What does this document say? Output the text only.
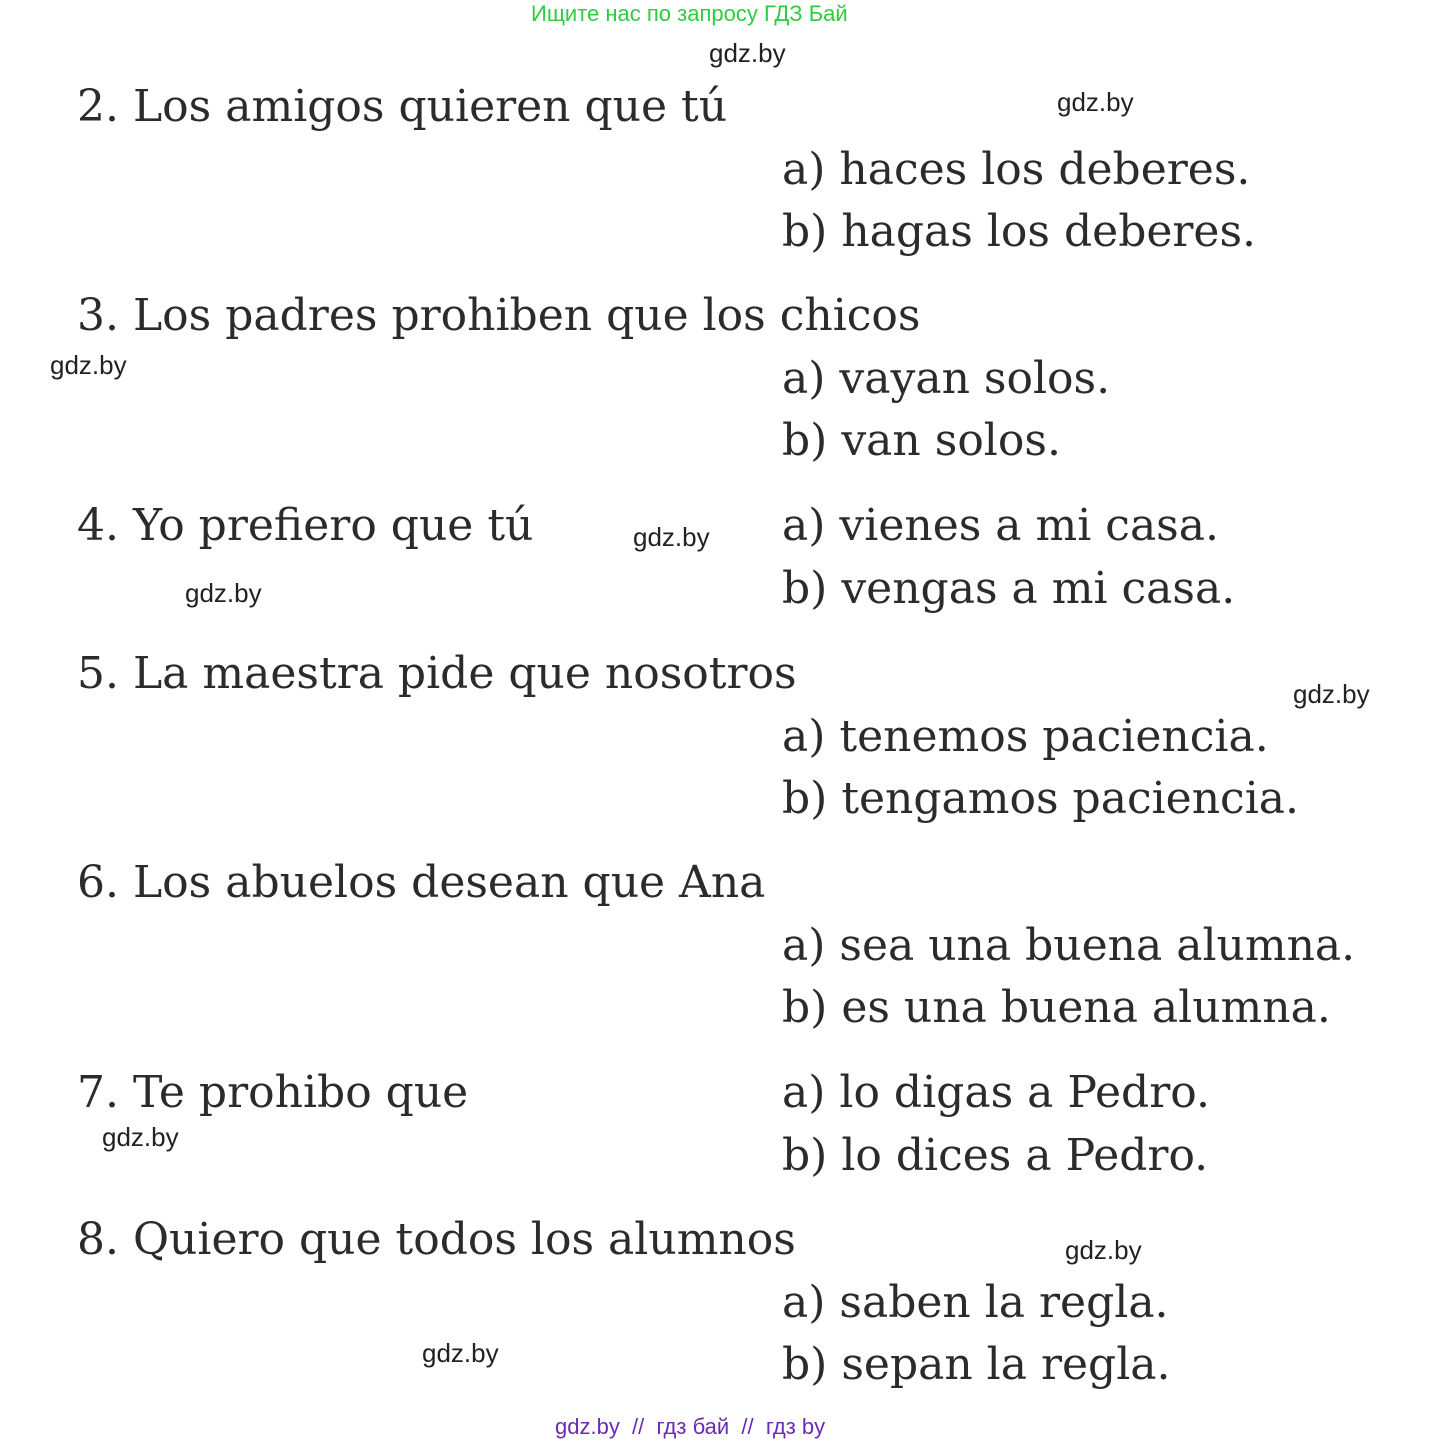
Ищите нас по запросу ГДЗ Бай
gdz.by
gdz.by
gdz.by
gdz.by
gdz.by
gdz.by
gdz.by
gdz.by
gdz.by
2. Los amigos quieren que tú
a) haces los deberes.
b) hagas los deberes.
3. Los padres prohiben que los chicos
a) vayan solos.
b) van solos.
4. Yo prefiero que tú	a) vienes a mi casa.
b) vengas a mi casa.
5. La maestra pide que nosotros
a) tenemos paciencia.
b) tengamos paciencia.
6. Los abuelos desean que Ana
a) sea una buena alumna.
b) es una buena alumna.
7. Te prohibo que	a) lo digas a Pedro.
b) lo dices a Pedro.
8. Quiero que todos los alumnos
a) saben la regla.
b) sepan la regla.
gdz.by  //  гдз бай  //  гдз by
